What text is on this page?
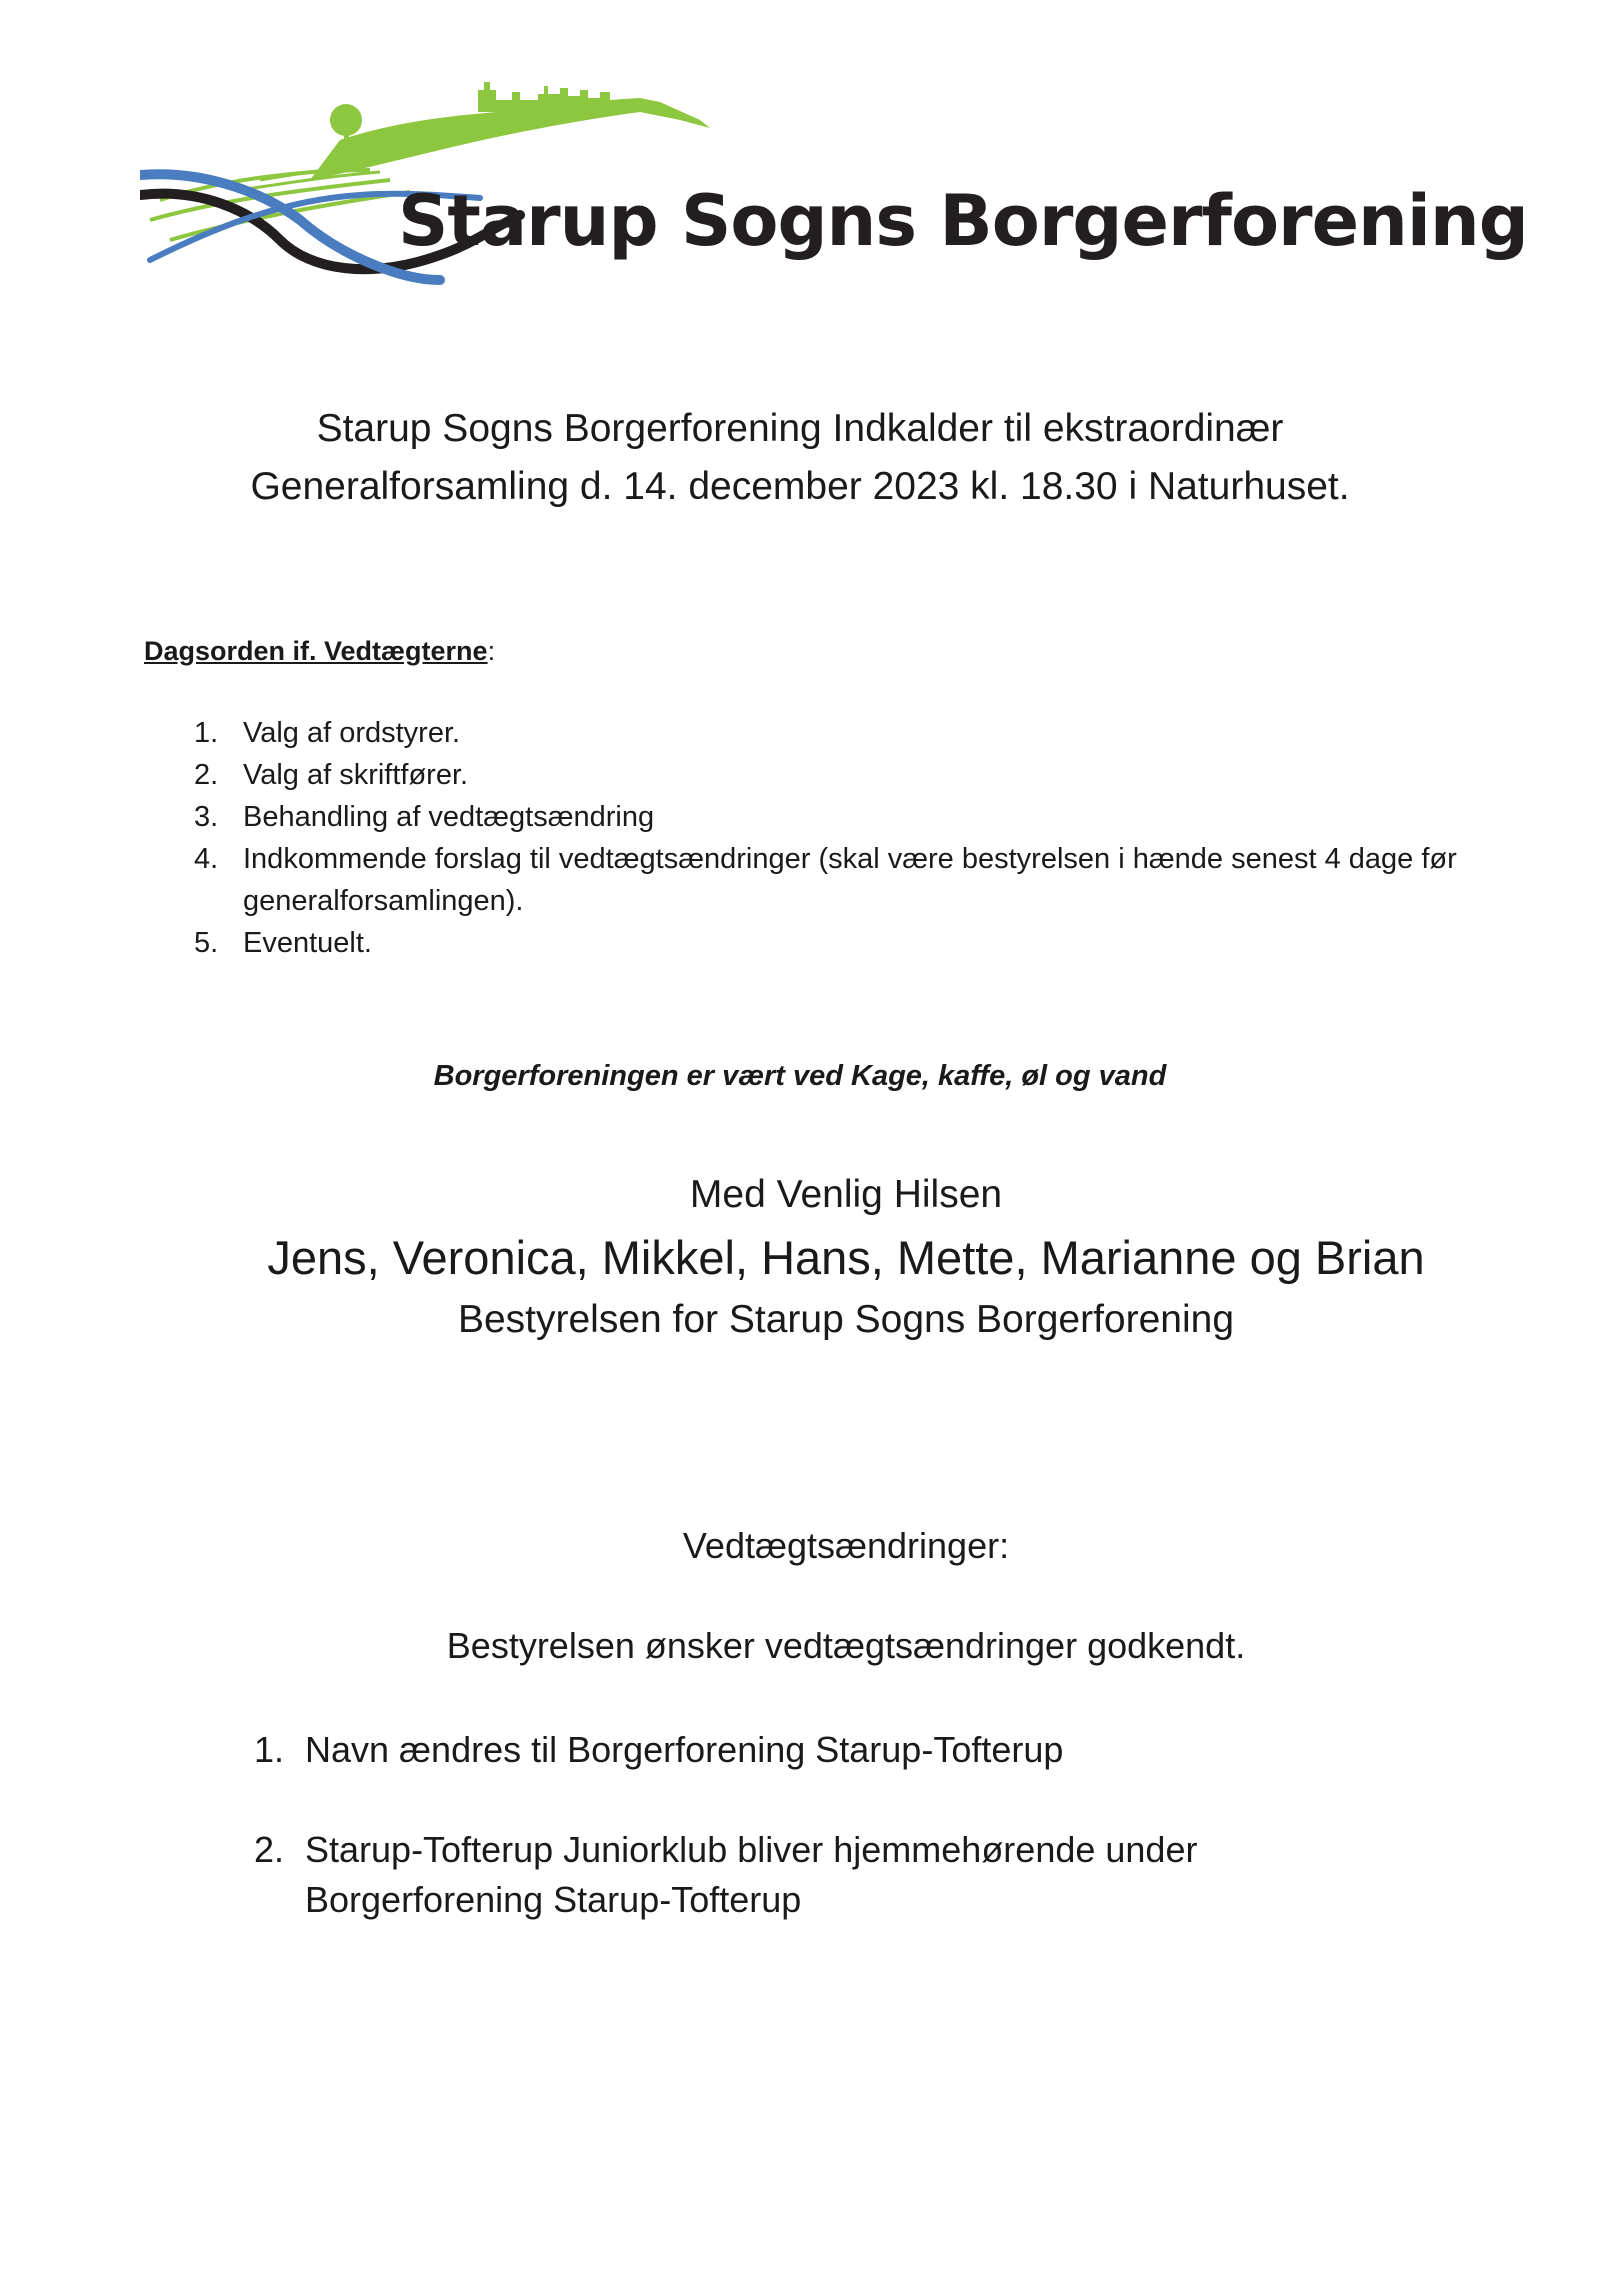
Starup Sogns Borgerforening
Starup Sogns Borgerforening Indkalder til ekstraordinær
Generalforsamling d. 14. december 2023 kl. 18.30 i Naturhuset.
Dagsorden if. Vedtægterne:
1. Valg af ordstyrer.
2. Valg af skriftfører.
3. Behandling af vedtægtsændring
4. Indkommende forslag til vedtægtsændringer (skal være bestyrelsen i hænde senest 4 dage før generalforsamlingen).
5. Eventuelt.
Borgerforeningen er vært ved Kage, kaffe, øl og vand
Med Venlig Hilsen
Jens, Veronica, Mikkel, Hans, Mette, Marianne og Brian
Bestyrelsen for Starup Sogns Borgerforening
Vedtægtsændringer:
Bestyrelsen ønsker vedtægtsændringer godkendt.
1. Navn ændres til Borgerforening Starup-Tofterup
2. Starup-Tofterup Juniorklub bliver hjemmehørende under Borgerforening Starup-Tofterup
